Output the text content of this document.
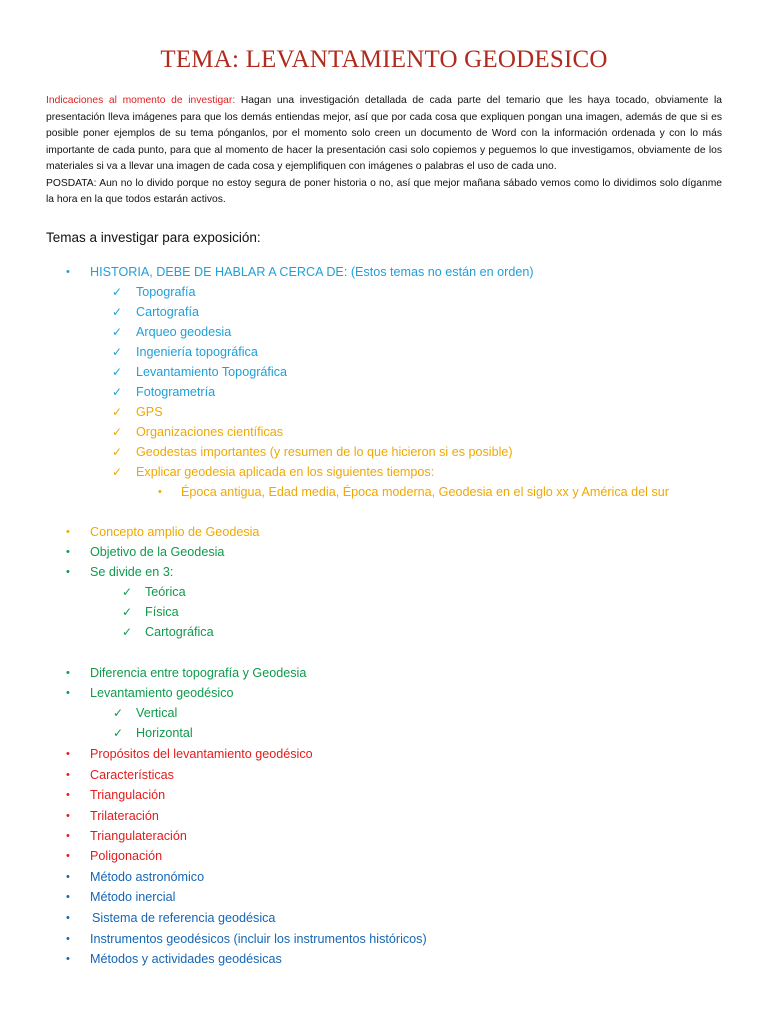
TEMA: LEVANTAMIENTO GEODESICO

Indicaciones al momento de investigar: Hagan una investigación detallada de cada parte del temario que les haya tocado, obviamente la presentación lleva imágenes para que los demás entiendas mejor, así que por cada cosa que expliquen pongan una imagen, además de que si es posible poner ejemplos de su tema pónganlos, por el momento solo creen un documento de Word con la información ordenada y con lo más importante de cada punto, para que al momento de hacer la presentación casi solo copiemos y peguemos lo que investigamos, obviamente de los materiales si va a llevar una imagen de cada cosa y ejemplifiquen con imágenes o palabras el uso de cada uno.

POSDATA: Aun no lo divido porque no estoy segura de poner historia o no, así que mejor mañana sábado vemos como lo dividimos solo díganme la hora en la que todos estarán activos.

Temas a investigar para exposición:
• HISTORIA, DEBE DE HABLAR A CERCA DE: (Estos temas no están en orden)
✓ Topografía
✓ Cartografía
✓ Arqueo geodesia
✓ Ingeniería topográfica
✓ Levantamiento Topográfica
✓ Fotogrametría
✓ GPS
✓ Organizaciones científicas
✓ Geodestas importantes (y resumen de lo que hicieron si es posible)
✓ Explicar geodesia aplicada en los siguientes tiempos:
• Época antigua, Edad media, Época moderna, Geodesia en el siglo xx y América del sur
• Concepto amplio de Geodesia
• Objetivo de la Geodesia
• Se divide en 3:
✓ Teórica
✓ Física
✓ Cartográfica
• Diferencia entre topografía y Geodesia
• Levantamiento geodésico
✓ Vertical
✓ Horizontal
• Propósitos del levantamiento geodésico
• Características
• Triangulación
• Trilateración
• Triangulateración
• Poligonación
• Método astronómico
• Método inercial
• Sistema de referencia geodésica
• Instrumentos geodésicos (incluir los instrumentos históricos)
• Métodos y actividades geodésicas
